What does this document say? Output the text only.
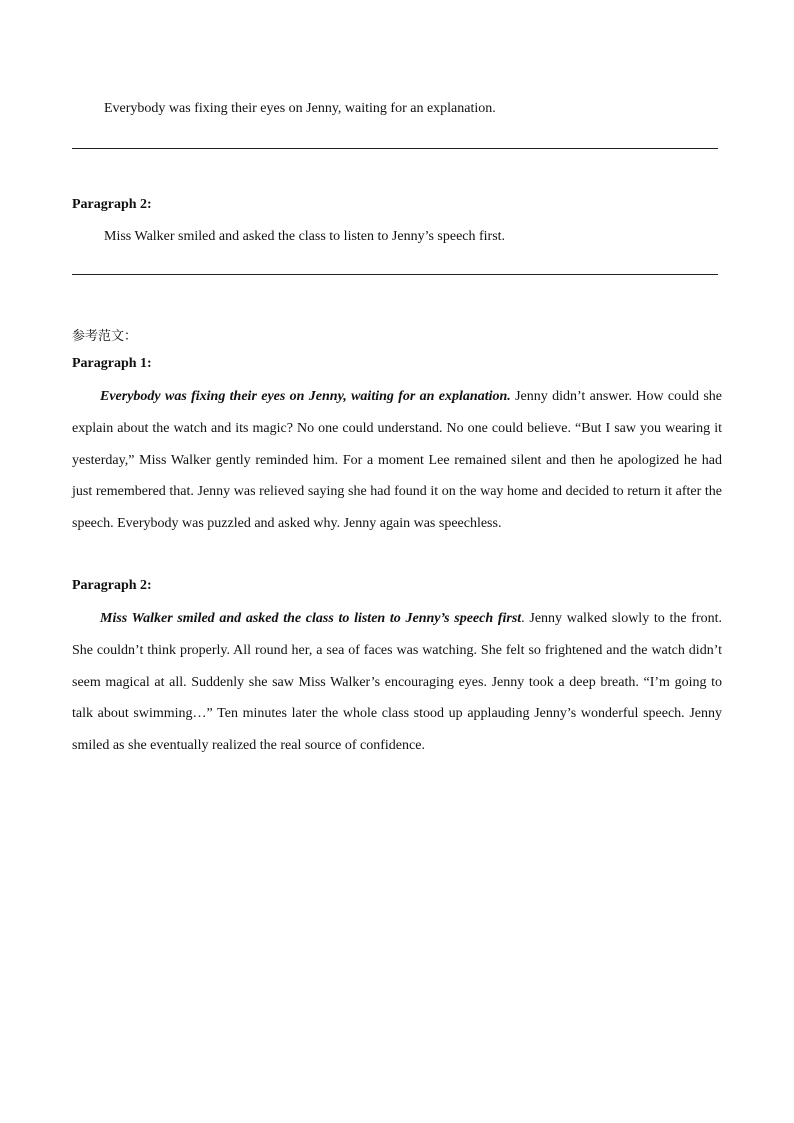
Everybody was fixing their eyes on Jenny, waiting for an explanation.
Paragraph 2:
Miss Walker smiled and asked the class to listen to Jenny’s speech first.
参考范文：
Paragraph 1:

Everybody was fixing their eyes on Jenny, waiting for an explanation. Jenny didn’t answer. How could she explain about the watch and its magic? No one could understand. No one could believe. “But I saw you wearing it yesterday,” Miss Walker gently reminded him. For a moment Lee remained silent and then he apologized he had just remembered that. Jenny was relieved saying she had found it on the way home and decided to return it after the speech. Everybody was puzzled and asked why. Jenny again was speechless.

Paragraph 2:

Miss Walker smiled and asked the class to listen to Jenny’s speech first. Jenny walked slowly to the front. She couldn’t think properly. All round her, a sea of faces was watching. She felt so frightened and the watch didn’t seem magical at all. Suddenly she saw Miss Walker’s encouraging eyes. Jenny took a deep breath. “I’m going to talk about swimming…” Ten minutes later the whole class stood up applauding Jenny’s wonderful speech. Jenny smiled as she eventually realized the real source of confidence.
